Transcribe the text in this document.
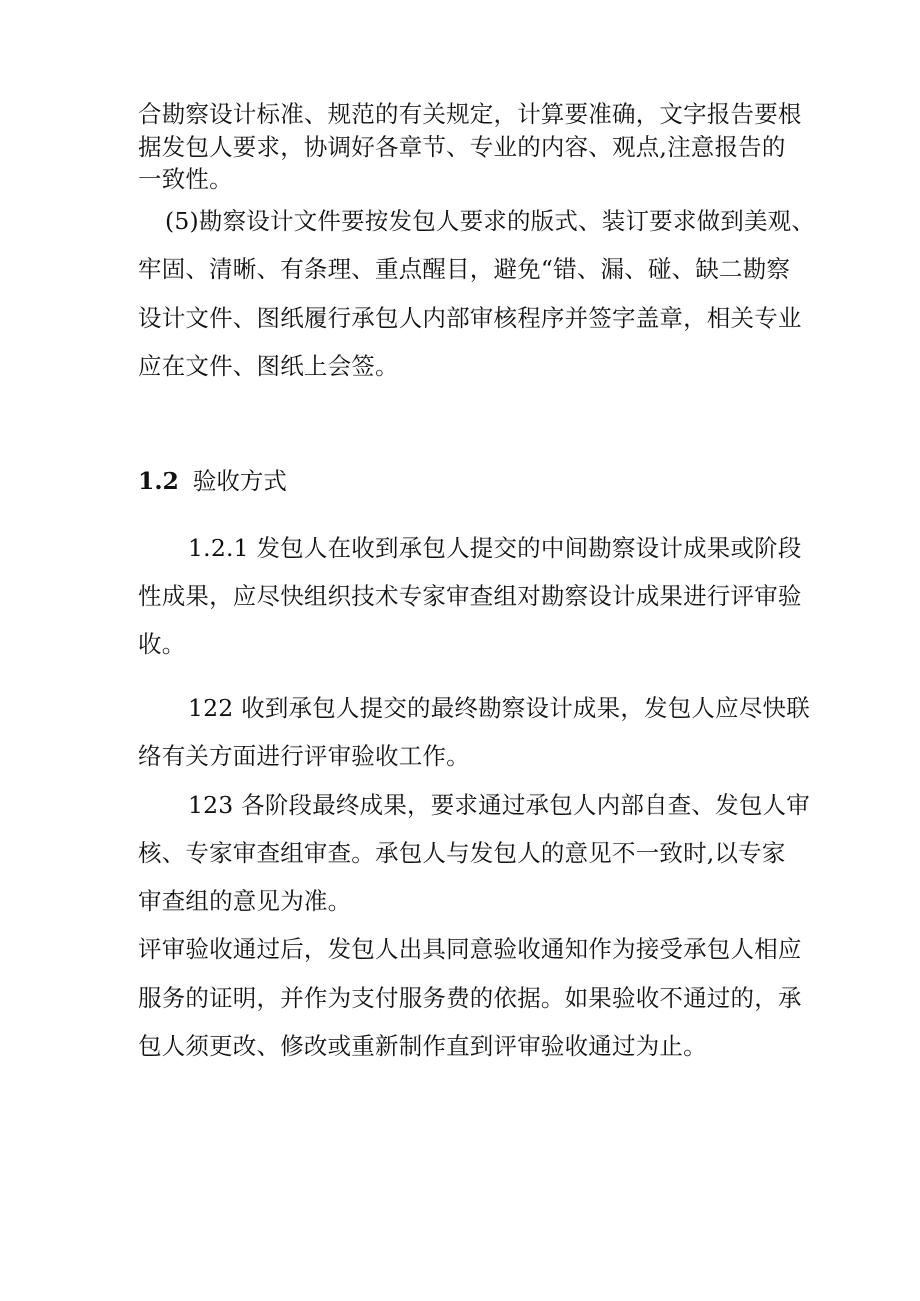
合勘察设计标准、规范的有关规定，计算要准确，文字报告要根
据发包人要求，协调好各章节、专业的内容、观点,注意报告的
一致性。
(5)勘察设计文件要按发包人要求的版式、装订要求做到美观、
牢固、清晰、有条理、重点醒目，避免“错、漏、碰、缺二勘察
设计文件、图纸履行承包人内部审核程序并签字盖章，相关专业
应在文件、图纸上会签。
1.2 验收方式
1.2.1 发包人在收到承包人提交的中间勘察设计成果或阶段
性成果，应尽快组织技术专家审查组对勘察设计成果进行评审验
收。
122 收到承包人提交的最终勘察设计成果，发包人应尽快联
络有关方面进行评审验收工作。
123 各阶段最终成果，要求通过承包人内部自查、发包人审
核、专家审查组审查。承包人与发包人的意见不一致时,以专家
审查组的意见为准。
评审验收通过后，发包人出具同意验收通知作为接受承包人相应
服务的证明，并作为支付服务费的依据。如果验收不通过的，承
包人须更改、修改或重新制作直到评审验收通过为止。
